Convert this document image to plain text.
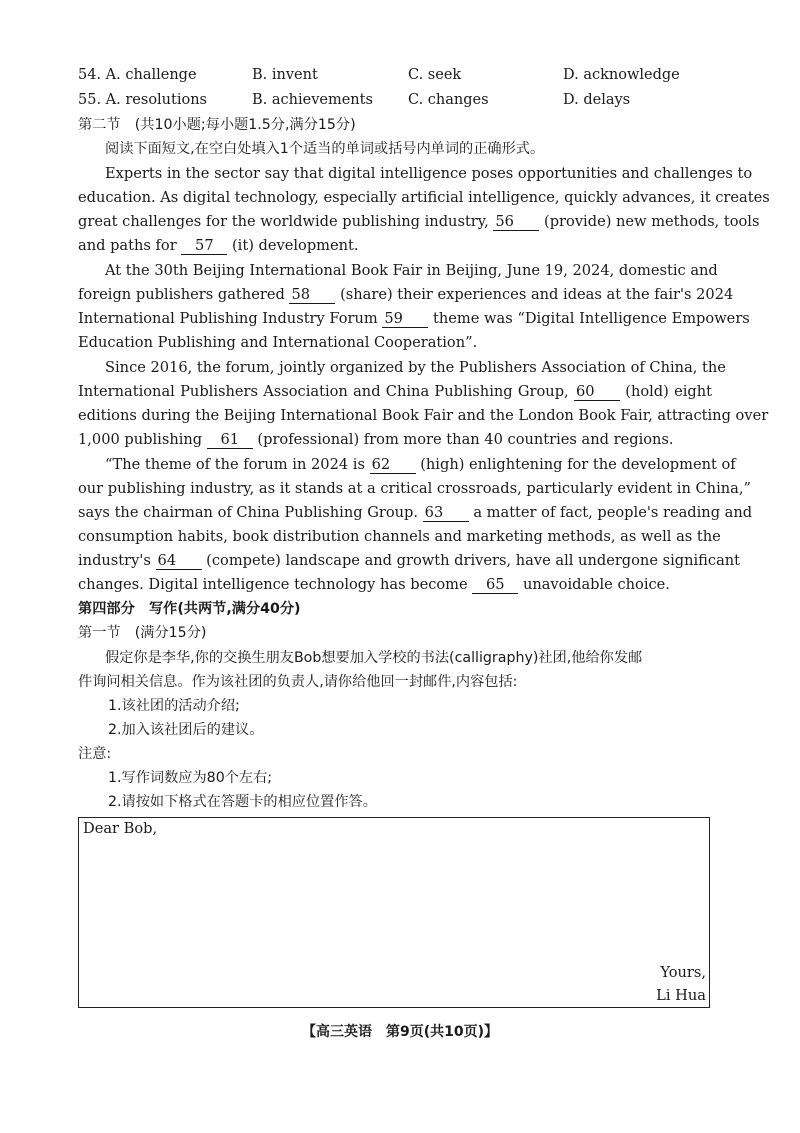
54. A. challenge	B. invent	C. seek	D. acknowledge
55. A. resolutions	B. achievements C. changes	D. delays
第二节　(共10小题;每小题1.5分,满分15分)
阅读下面短文,在空白处填入1个适当的单词或括号内单词的正确形式。
Experts in the sector say that digital intelligence poses opportunities and challenges to
education. As digital technology, especially artificial intelligence, quickly advances, it creates
great challenges for the worldwide publishing industry, 56 (provide) new methods, tools
and paths for 57 (it) development.
At the 30th Beijing International Book Fair in Beijing, June 19, 2024, domestic and
foreign publishers gathered 58 (share) their experiences and ideas at the fair's 2024
International Publishing Industry Forum 59 theme was “Digital Intelligence Empowers
Education Publishing and International Cooperation”.
Since 2016, the forum, jointly organized by the Publishers Association of China, the
International Publishers Association and China Publishing Group, 60 (hold) eight
editions during the Beijing International Book Fair and the London Book Fair, attracting over
1,000 publishing 61 (professional) from more than 40 countries and regions.
“The theme of the forum in 2024 is 62 (high) enlightening for the development of
our publishing industry, as it stands at a critical crossroads, particularly evident in China,”
says the chairman of China Publishing Group. 63 a matter of fact, people's reading and
consumption habits, book distribution channels and marketing methods, as well as the
industry's 64 (compete) landscape and growth drivers, have all undergone significant
changes. Digital intelligence technology has become 65 unavoidable choice.
第四部分　写作(共两节,满分40分)
第一节　(满分15分)
假定你是李华,你的交换生朋友Bob想要加入学校的书法(calligraphy)社团,他给你发邮
件询问相关信息。作为该社团的负责人,请你给他回一封邮件,内容包括:
1.该社团的活动介绍;
2.加入该社团后的建议。
注意:
1.写作词数应为80个左右;
2.请按如下格式在答题卡的相应位置作答。
Dear Bob,
Yours,
Li Hua
【高三英语　第9页(共10页)】
